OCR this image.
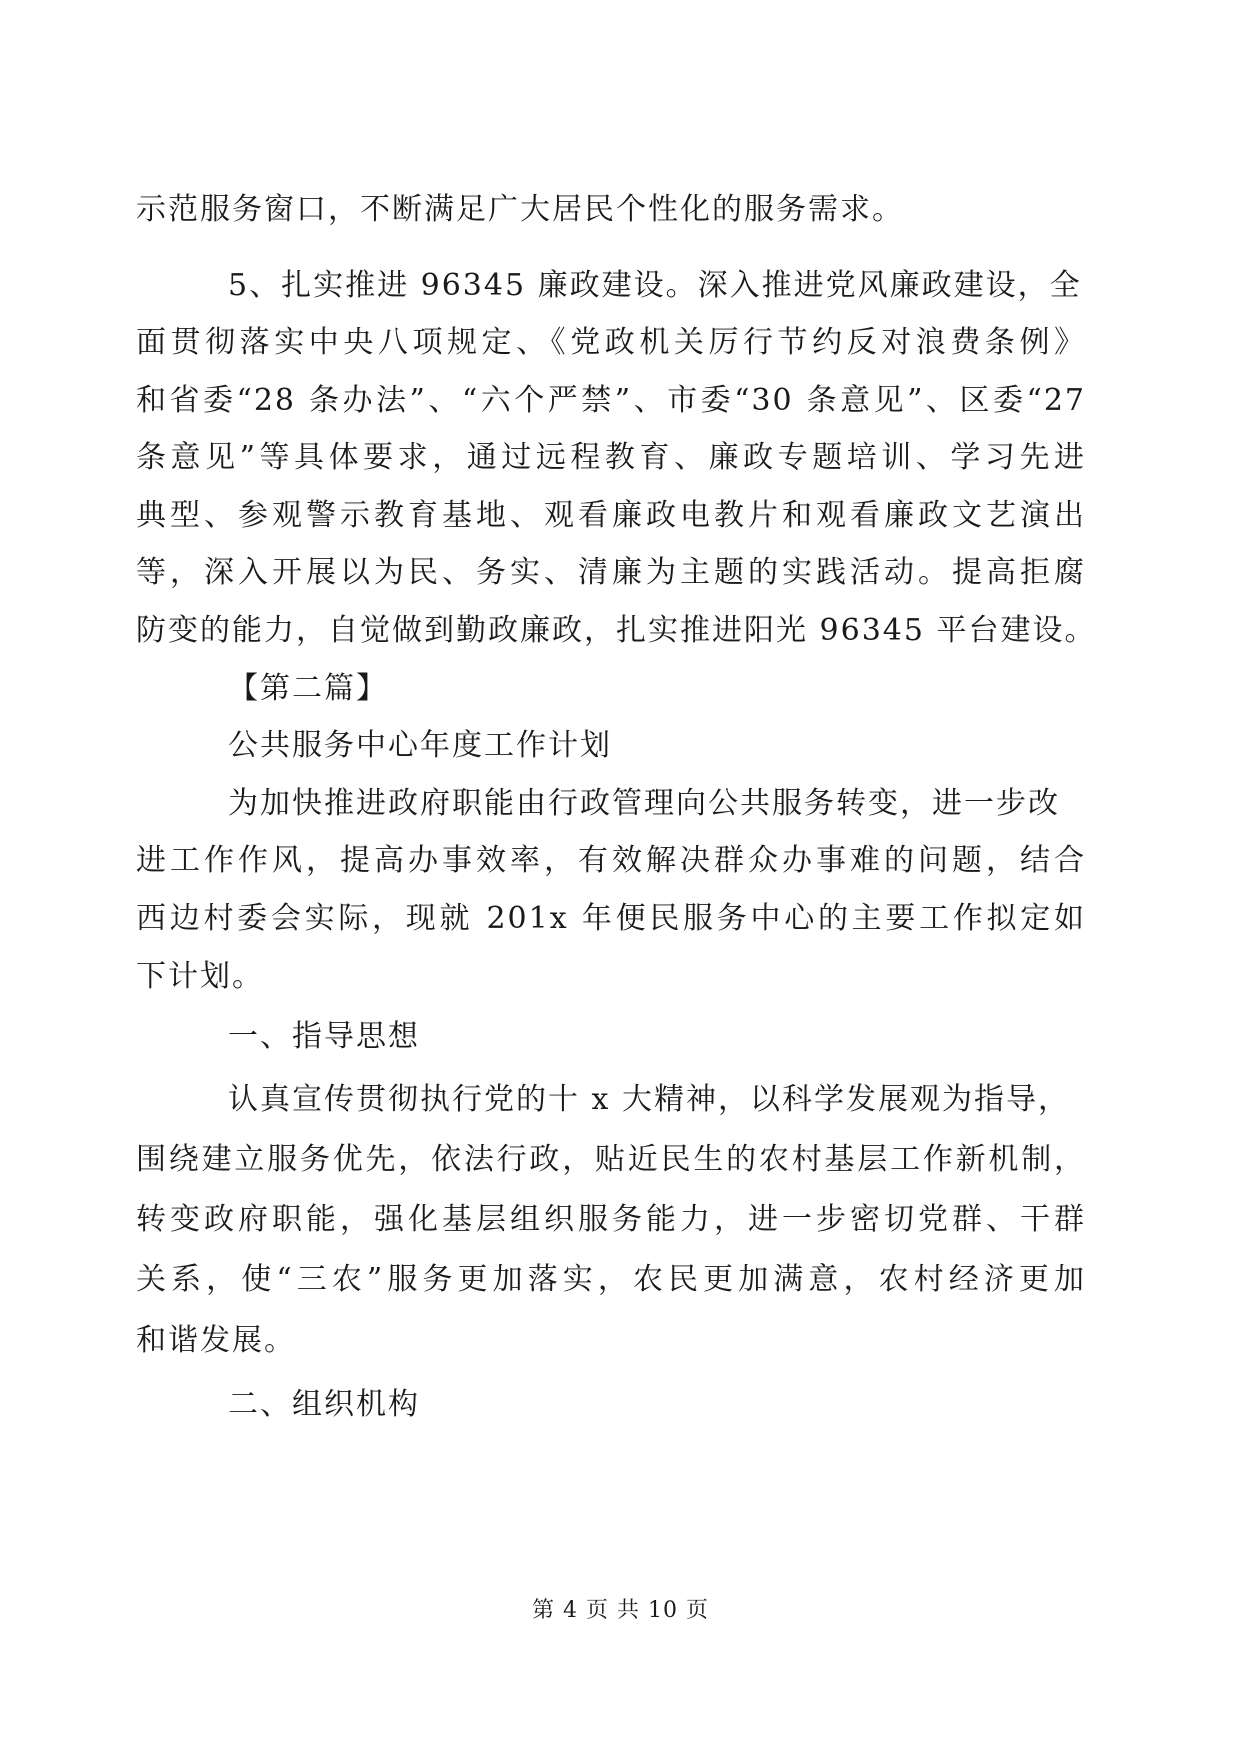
示范服务窗口，不断满足广大居民个性化的服务需求。
5、扎实推进 96345 廉政建设。深入推进党风廉政建设，全
面贯彻落实中央八项规定、《党政机关厉行节约反对浪费条例》
和省委“28 条办法”、“六个严禁”、市委“30 条意见”、区委“27
条意见”等具体要求，通过远程教育、廉政专题培训、学习先进
典型、参观警示教育基地、观看廉政电教片和观看廉政文艺演出
等，深入开展以为民、务实、清廉为主题的实践活动。提高拒腐
防变的能力，自觉做到勤政廉政，扎实推进阳光 96345 平台建设。
【第二篇】
公共服务中心年度工作计划
为加快推进政府职能由行政管理向公共服务转变，进一步改
进工作作风，提高办事效率，有效解决群众办事难的问题，结合
西边村委会实际，现就 201x 年便民服务中心的主要工作拟定如
下计划。
一、指导思想
认真宣传贯彻执行党的十 x 大精神，以科学发展观为指导，
围绕建立服务优先，依法行政，贴近民生的农村基层工作新机制，
转变政府职能，强化基层组织服务能力，进一步密切党群、干群
关系，使“三农”服务更加落实，农民更加满意，农村经济更加
和谐发展。
二、组织机构
第 4 页 共 10 页
